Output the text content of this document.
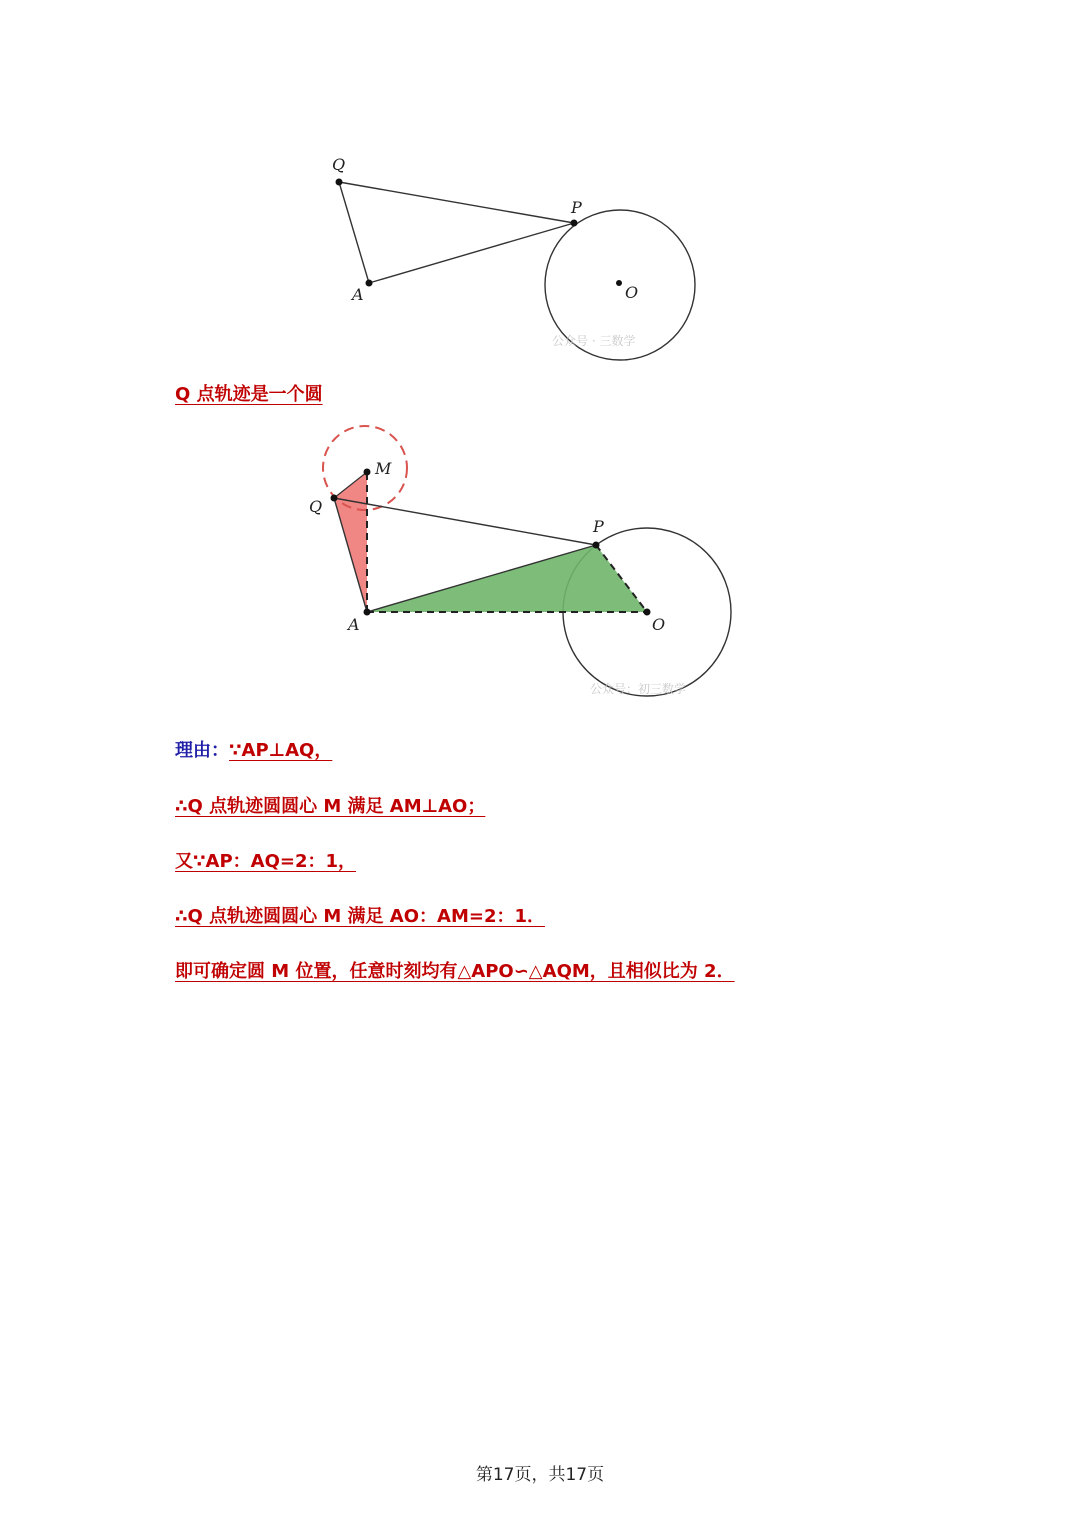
Q
P
A	O
公众号 · 三数学
Q 点轨迹是一个圆
M
Q
P
A	O
公众号：初三数学
理由：∵AP⊥AQ，
∴Q 点轨迹圆圆心 M 满足 AM⊥AO；
又∵AP：AQ=2：1，
∴Q 点轨迹圆圆心 M 满足 AO：AM=2：1．
即可确定圆 M 位置，任意时刻均有△APO∽△AQM，且相似比为 2．
第17页，共17页
